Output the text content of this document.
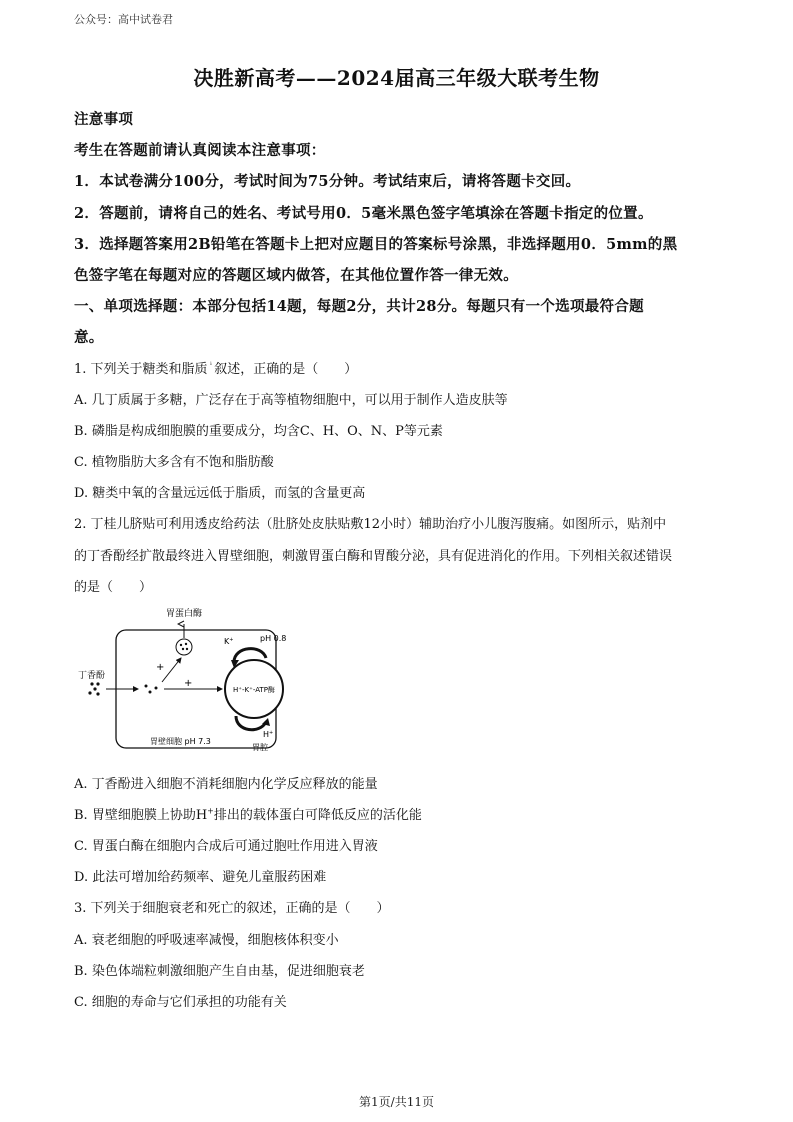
公众号：高中试卷君
决胜新高考——2024届高三年级大联考生物
注意事项
考生在答题前请认真阅读本注意事项：
1．本试卷满分100分，考试时间为75分钟。考试结束后，请将答题卡交回。
2．答题前，请将自己的姓名、考试号用0．5毫米黑色签字笔填涂在答题卡指定的位置。
3．选择题答案用2B铅笔在答题卡上把对应题目的答案标号涂黑，非选择题用0．5mm的黑
色签字笔在每题对应的答题区域内做答，在其他位置作答一律无效。
一、单项选择题：本部分包括14题，每题2分，共计28分。每题只有一个选项最符合题
意。
1. 下列关于糖类和脂质 $^{^i}$ 叙述，正确的是（　　）
A. 几丁质属于多糖，广泛存在于高等植物细胞中，可以用于制作人造皮肤等
B. 磷脂是构成细胞膜的重要成分，均含C、H、O、N、P等元素
C. 植物脂肪大多含有不饱和脂肪酸
D. 糖类中氧的含量远远低于脂质，而氢的含量更高
2. 丁桂儿脐贴可利用透皮给药法（肚脐处皮肤贴敷12小时）辅助治疗小儿腹泻腹痛。如图所示，贴剂中
的丁香酚经扩散最终进入胃壁细胞，刺激胃蛋白酶和胃酸分泌，具有促进消化的作用。下列相关叙述错误
的是（　　）
H⁺-K⁺-ATP酶
K+	pH 0.8
H+
胃腔
胃蛋白酶
丁香酚
+
+
胃壁细胞 pH 7.3
A. 丁香酚进入细胞不消耗细胞内化学反应释放的能量
B. 胃壁细胞膜上协助H+排出的载体蛋白可降低反应的活化能
C. 胃蛋白酶在细胞内合成后可通过胞吐作用进入胃液
D. 此法可增加给药频率、避免儿童服药困难
3. 下列关于细胞衰老和死亡的叙述，正确的是（　　）
A. 衰老细胞的呼吸速率减慢，细胞核体积变小
B. 染色体端粒刺激细胞产生自由基，促进细胞衰老
C. 细胞的寿命与它们承担的功能有关
第1页/共11页
